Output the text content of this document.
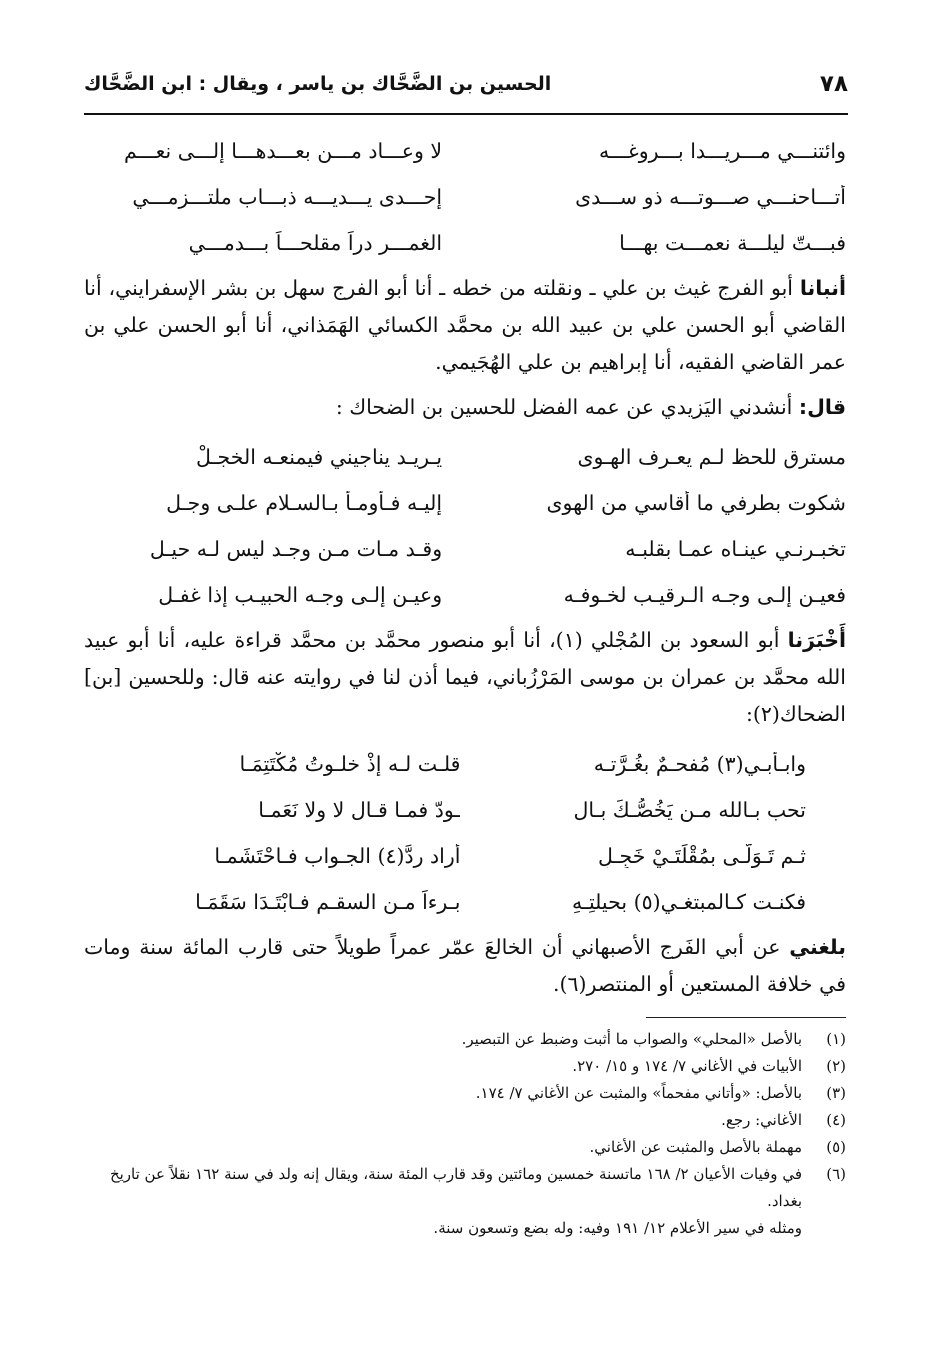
٧٨
الحسين بن الضَّحَّاك بن ياسر ، ويقال : ابن الضَّحَّاك
وائتنـــي مـــريـــدا بـــروغـــه
لا وعـــاد مـــن بعـــدهـــا إلـــى نعـــم
أتـــاحنـــي صـــوتـــه ذو ســـدى
إحـــدى يـــديـــه ذبـــاب ملتـــزمـــي
فبـــتّ ليلـــة نعمـــت بهـــا
الغمـــر دراً مقلحـــاً بـــدمـــي

أنبانا أبو الفرج غيث بن علي ـ ونقلته من خطه ـ أنا أبو الفرج سهل بن بشر الإسفرايني، أنا القاضي أبو الحسن علي بن عبيد الله بن محمَّد الكسائي الهَمَذاني، أنا أبو الحسن علي بن عمر القاضي الفقيه، أنا إبراهيم بن علي الهُجَيمي.

قال: أنشدني اليَزيدي عن عمه الفضل للحسين بن الضحاك :

مسترق للحظ لـم يعـرف الهـوى
يـريـد يناجيني فيمنعـه الخجـلْ
شكوت بطرفي ما أقاسي من الهوى
إليـه فـأومـأ بـالسـلام علـى وجـل
تخبـرنـي عينـاه عمـا بقلبـه
وقـد مـات مـن وجـد ليس لـه حيـل
فعيـن إلـى وجـه الـرقيـب لخـوفـه
وعيـن إلـى وجـه الحبيـب إذا غفـل

أَخْبَرَنا أبو السعود بن المُجْلي (١)، أنا أبو منصور محمَّد بن محمَّد قراءة عليه، أنا أبو عبيد الله محمَّد بن عمران بن موسى المَرْزُباني، فيما أذن لنا في روايته عنه قال: وللحسين [بن] الضحاك(٢):

وابـأبـي(٣) مُفحـمٌ بغُـرَّتـه
قلـت لـه إذْ خلـوتُ مُكْتَتِمَـا
تحب بـالله مـن يَخُصُّـكَ بـال
ـودّ فمـا قـال لا ولا نَعَمـا
ثـم تَـوَلّـى بمُقْلَتَـيْ خَجِـلٍ
أراد ردَّ(٤) الجـواب فـاحْتَشَمـا
فكنـت كـالمبتغـي(٥) بحيلتِـهِ
بـرءاً مـن السقـم فـابْتَـدَا سَقَمَـا

بلغني عن أبي الفَرج الأصبهاني أن الخالعَ عمّر عمراً طويلاً حتى قارب المائة سنة ومات في خلافة المستعين أو المنتصر(٦).

(١)
بالأصل «المحلي» والصواب ما أثبت وضبط عن التبصير.
(٢)
الأبيات في الأغاني ٧/ ١٧٤ و ١٥/ ٢٧٠.
(٣)
بالأصل: «وأتاني مفحماً» والمثبت عن الأغاني ٧/ ١٧٤.
(٤)
الأغاني: رجع.
(٥)
مهملة بالأصل والمثبت عن الأغاني.
(٦)
في وفيات الأعيان ٢/ ١٦٨ ماتسنة خمسين ومائتين وقد قارب المئة سنة، ويقال إنه ولد في سنة ١٦٢ نقلاً عن تاريخ بغداد.
ومثله في سير الأعلام ١٢/ ١٩١ وفيه: وله بضع وتسعون سنة.
